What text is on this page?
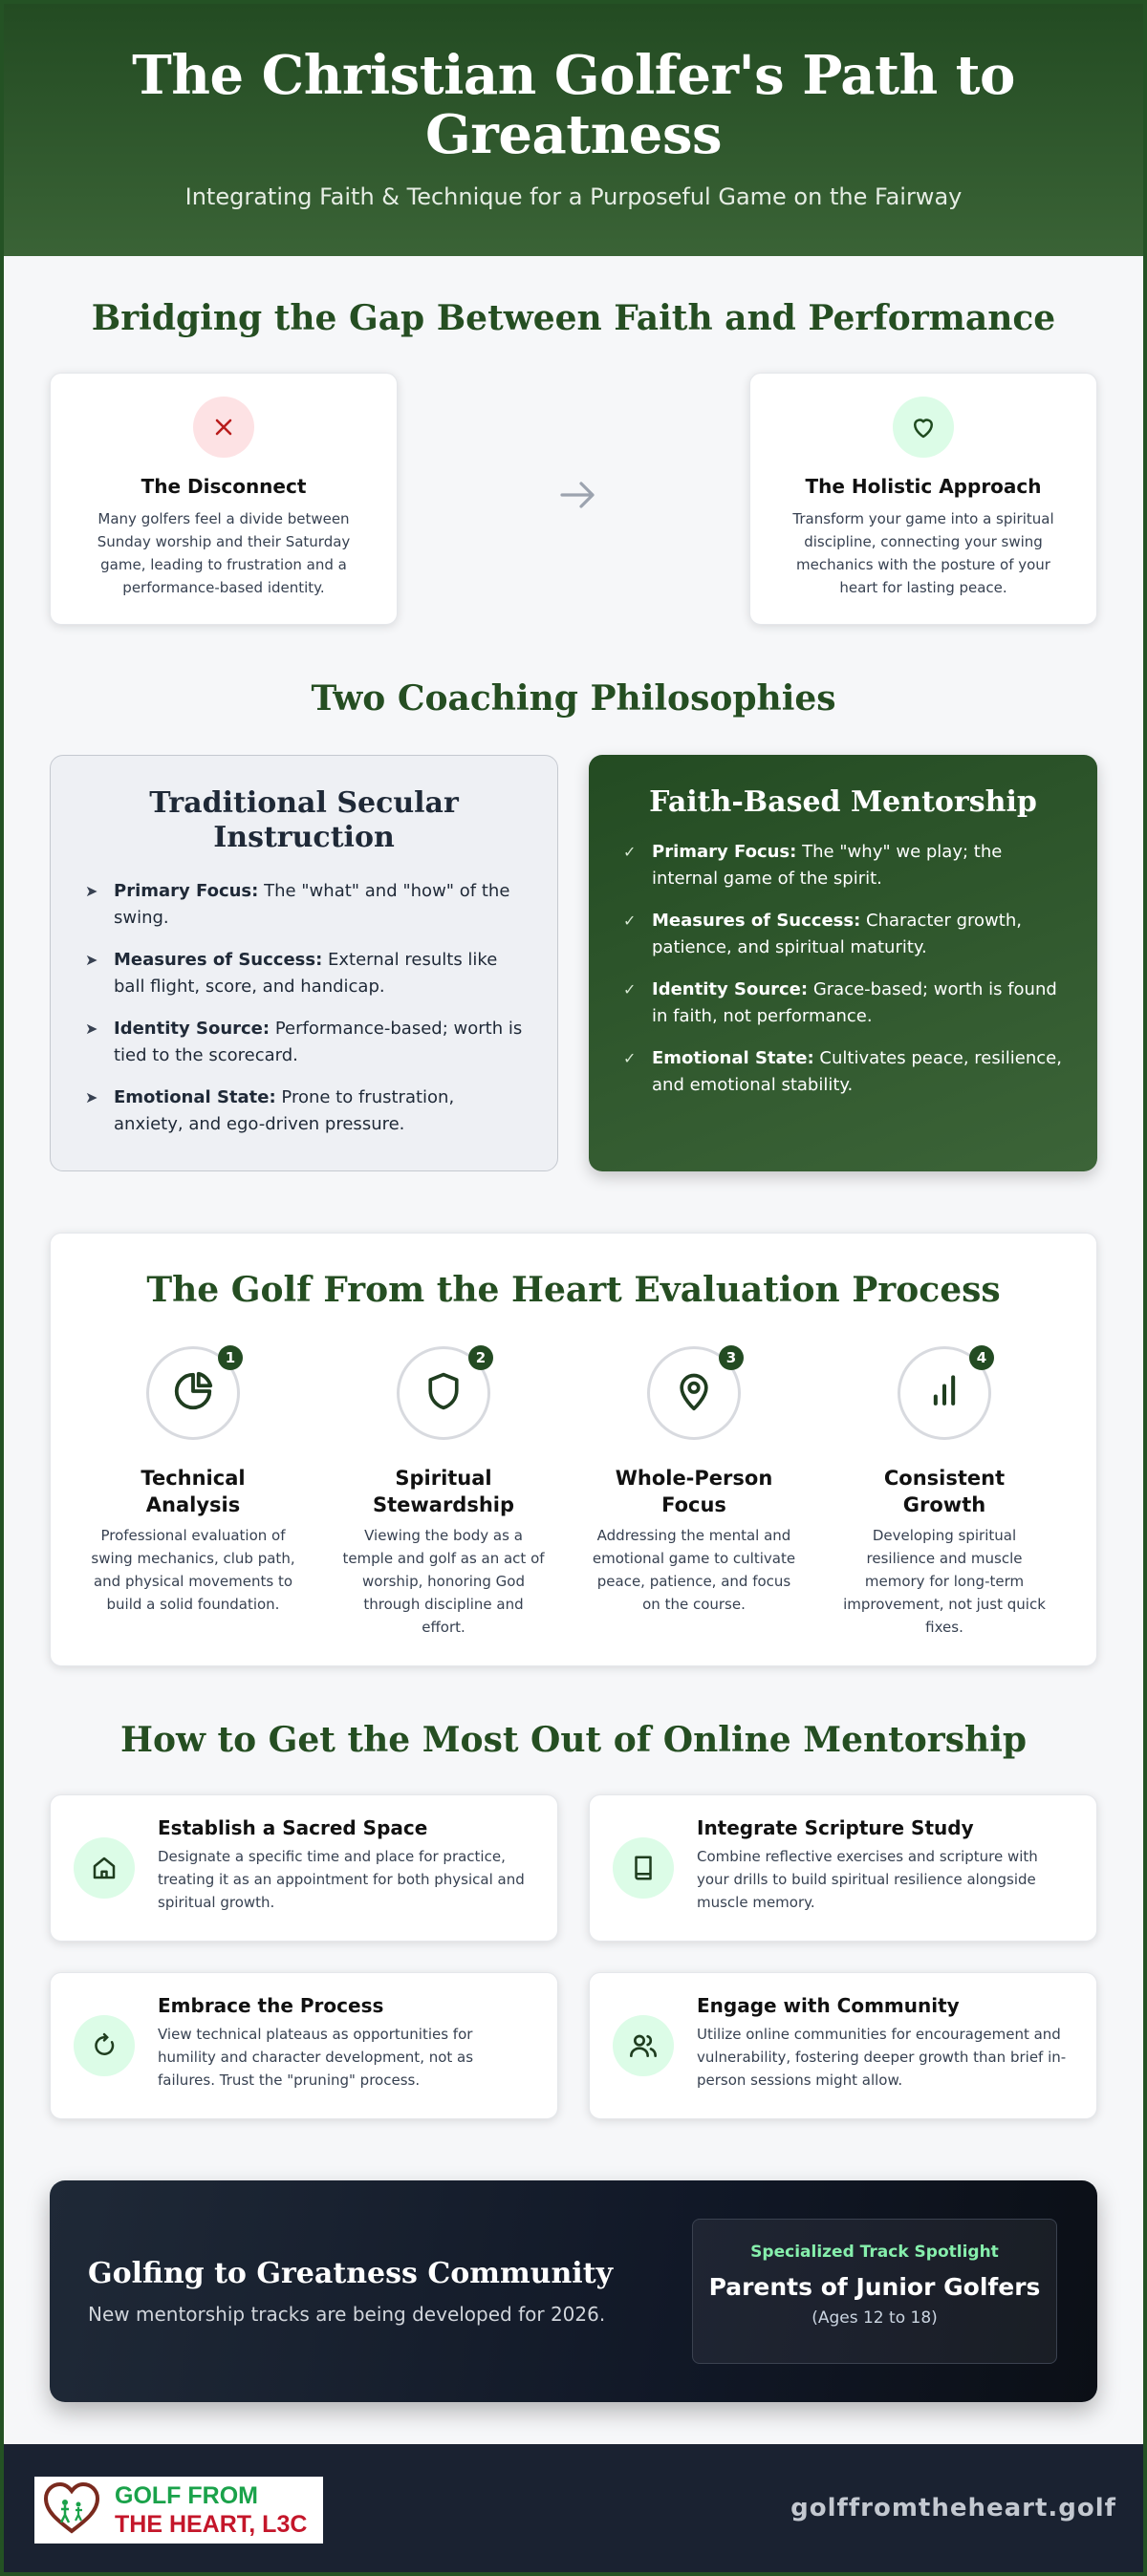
The Christian Golfer's Path to Greatness

Integrating Faith & Technique for a Purposeful Game on the Fairway

Bridging the Gap Between Faith and Performance
The Disconnect

Many golfers feel a divide between Sunday worship and their Saturday game, leading to frustration and a performance-based identity.

The Holistic Approach

Transform your game into a spiritual discipline, connecting your swing mechanics with the posture of your heart for lasting peace.

Two Coaching Philosophies
Traditional Secular Instruction
➤ Primary Focus: The "what" and "how" of the swing.
➤ Measures of Success: External results like ball flight, score, and handicap.
➤ Identity Source: Performance-based; worth is tied to the scorecard.
➤ Emotional State: Prone to frustration, anxiety, and ego-driven pressure.
Faith-Based Mentorship
✓ Primary Focus: The "why" we play; the internal game of the spirit.
✓ Measures of Success: Character growth, patience, and spiritual maturity.
✓ Identity Source: Grace-based; worth is found in faith, not performance.
✓ Emotional State: Cultivates peace, resilience, and emotional stability.
The Golf From the Heart Evaluation Process
1
Technical Analysis

Professional evaluation of swing mechanics, club path, and physical movements to build a solid foundation.

2
Spiritual Stewardship

Viewing the body as a temple and golf as an act of worship, honoring God through discipline and effort.

3
Whole-Person Focus

Addressing the mental and emotional game to cultivate peace, patience, and focus on the course.

4
Consistent Growth

Developing spiritual resilience and muscle memory for long-term improvement, not just quick fixes.

How to Get the Most Out of Online Mentorship
Establish a Sacred Space

Designate a specific time and place for practice, treating it as an appointment for both physical and spiritual growth.

Integrate Scripture Study

Combine reflective exercises and scripture with your drills to build spiritual resilience alongside muscle memory.

Embrace the Process

View technical plateaus as opportunities for humility and character development, not as failures. Trust the "pruning" process.

Engage with Community

Utilize online communities for encouragement and vulnerability, fostering deeper growth than brief in-person sessions might allow.

Golfing to Greatness Community

New mentorship tracks are being developed for 2026.

Specialized Track Spotlight
Parents of Junior Golfers
(Ages 12 to 18)
GOLF FROM
THE HEART, L3C
golffromtheheart.golf
